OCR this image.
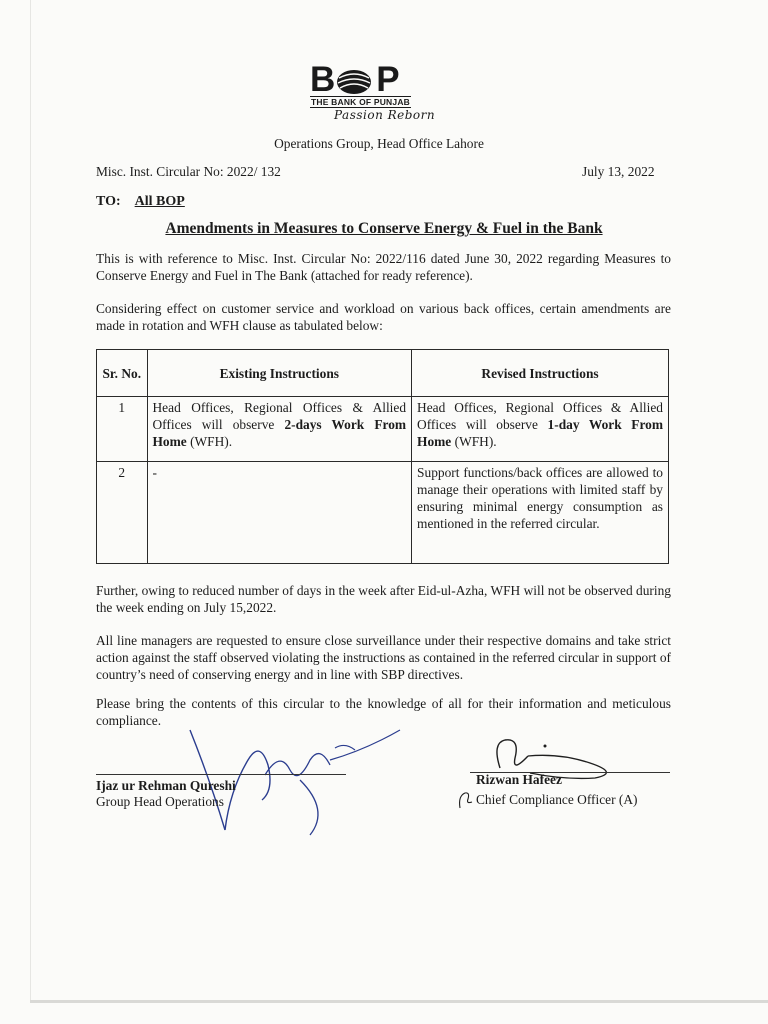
B P
THE BANK OF PUNJAB
Passion Reborn
Operations Group, Head Office Lahore
Misc. Inst. Circular No: 2022/ 132	July 13, 2022
TO: All BOP
Amendments in Measures to Conserve Energy & Fuel in the Bank
This is with reference to Misc. Inst. Circular No: 2022/116 dated June 30, 2022 regarding Measures to Conserve Energy and Fuel in The Bank (attached for ready reference).
Considering effect on customer service and workload on various back offices, certain amendments are made in rotation and WFH clause as tabulated below:
Sr. No.	Existing Instructions	Revised Instructions
1	Head Offices, Regional Offices & Allied Offices will observe 2-days Work From Home (WFH).	Head Offices, Regional Offices & Allied Offices will observe 1-day Work From Home (WFH).
2	-	Support functions/back offices are allowed to manage their operations with limited staff by ensuring minimal energy consumption as mentioned in the referred circular.
Further, owing to reduced number of days in the week after Eid-ul-Azha, WFH will not be observed during the week ending on July 15,2022.
All line managers are requested to ensure close surveillance under their respective domains and take strict action against the staff observed violating the instructions as contained in the referred circular in support of country’s need of conserving energy and in line with SBP directives.
Please bring the contents of this circular to the knowledge of all for their information and meticulous compliance.
Ijaz ur Rehman Qureshi
Group Head Operations
Rizwan Hafeez
Chief Compliance Officer (A)
